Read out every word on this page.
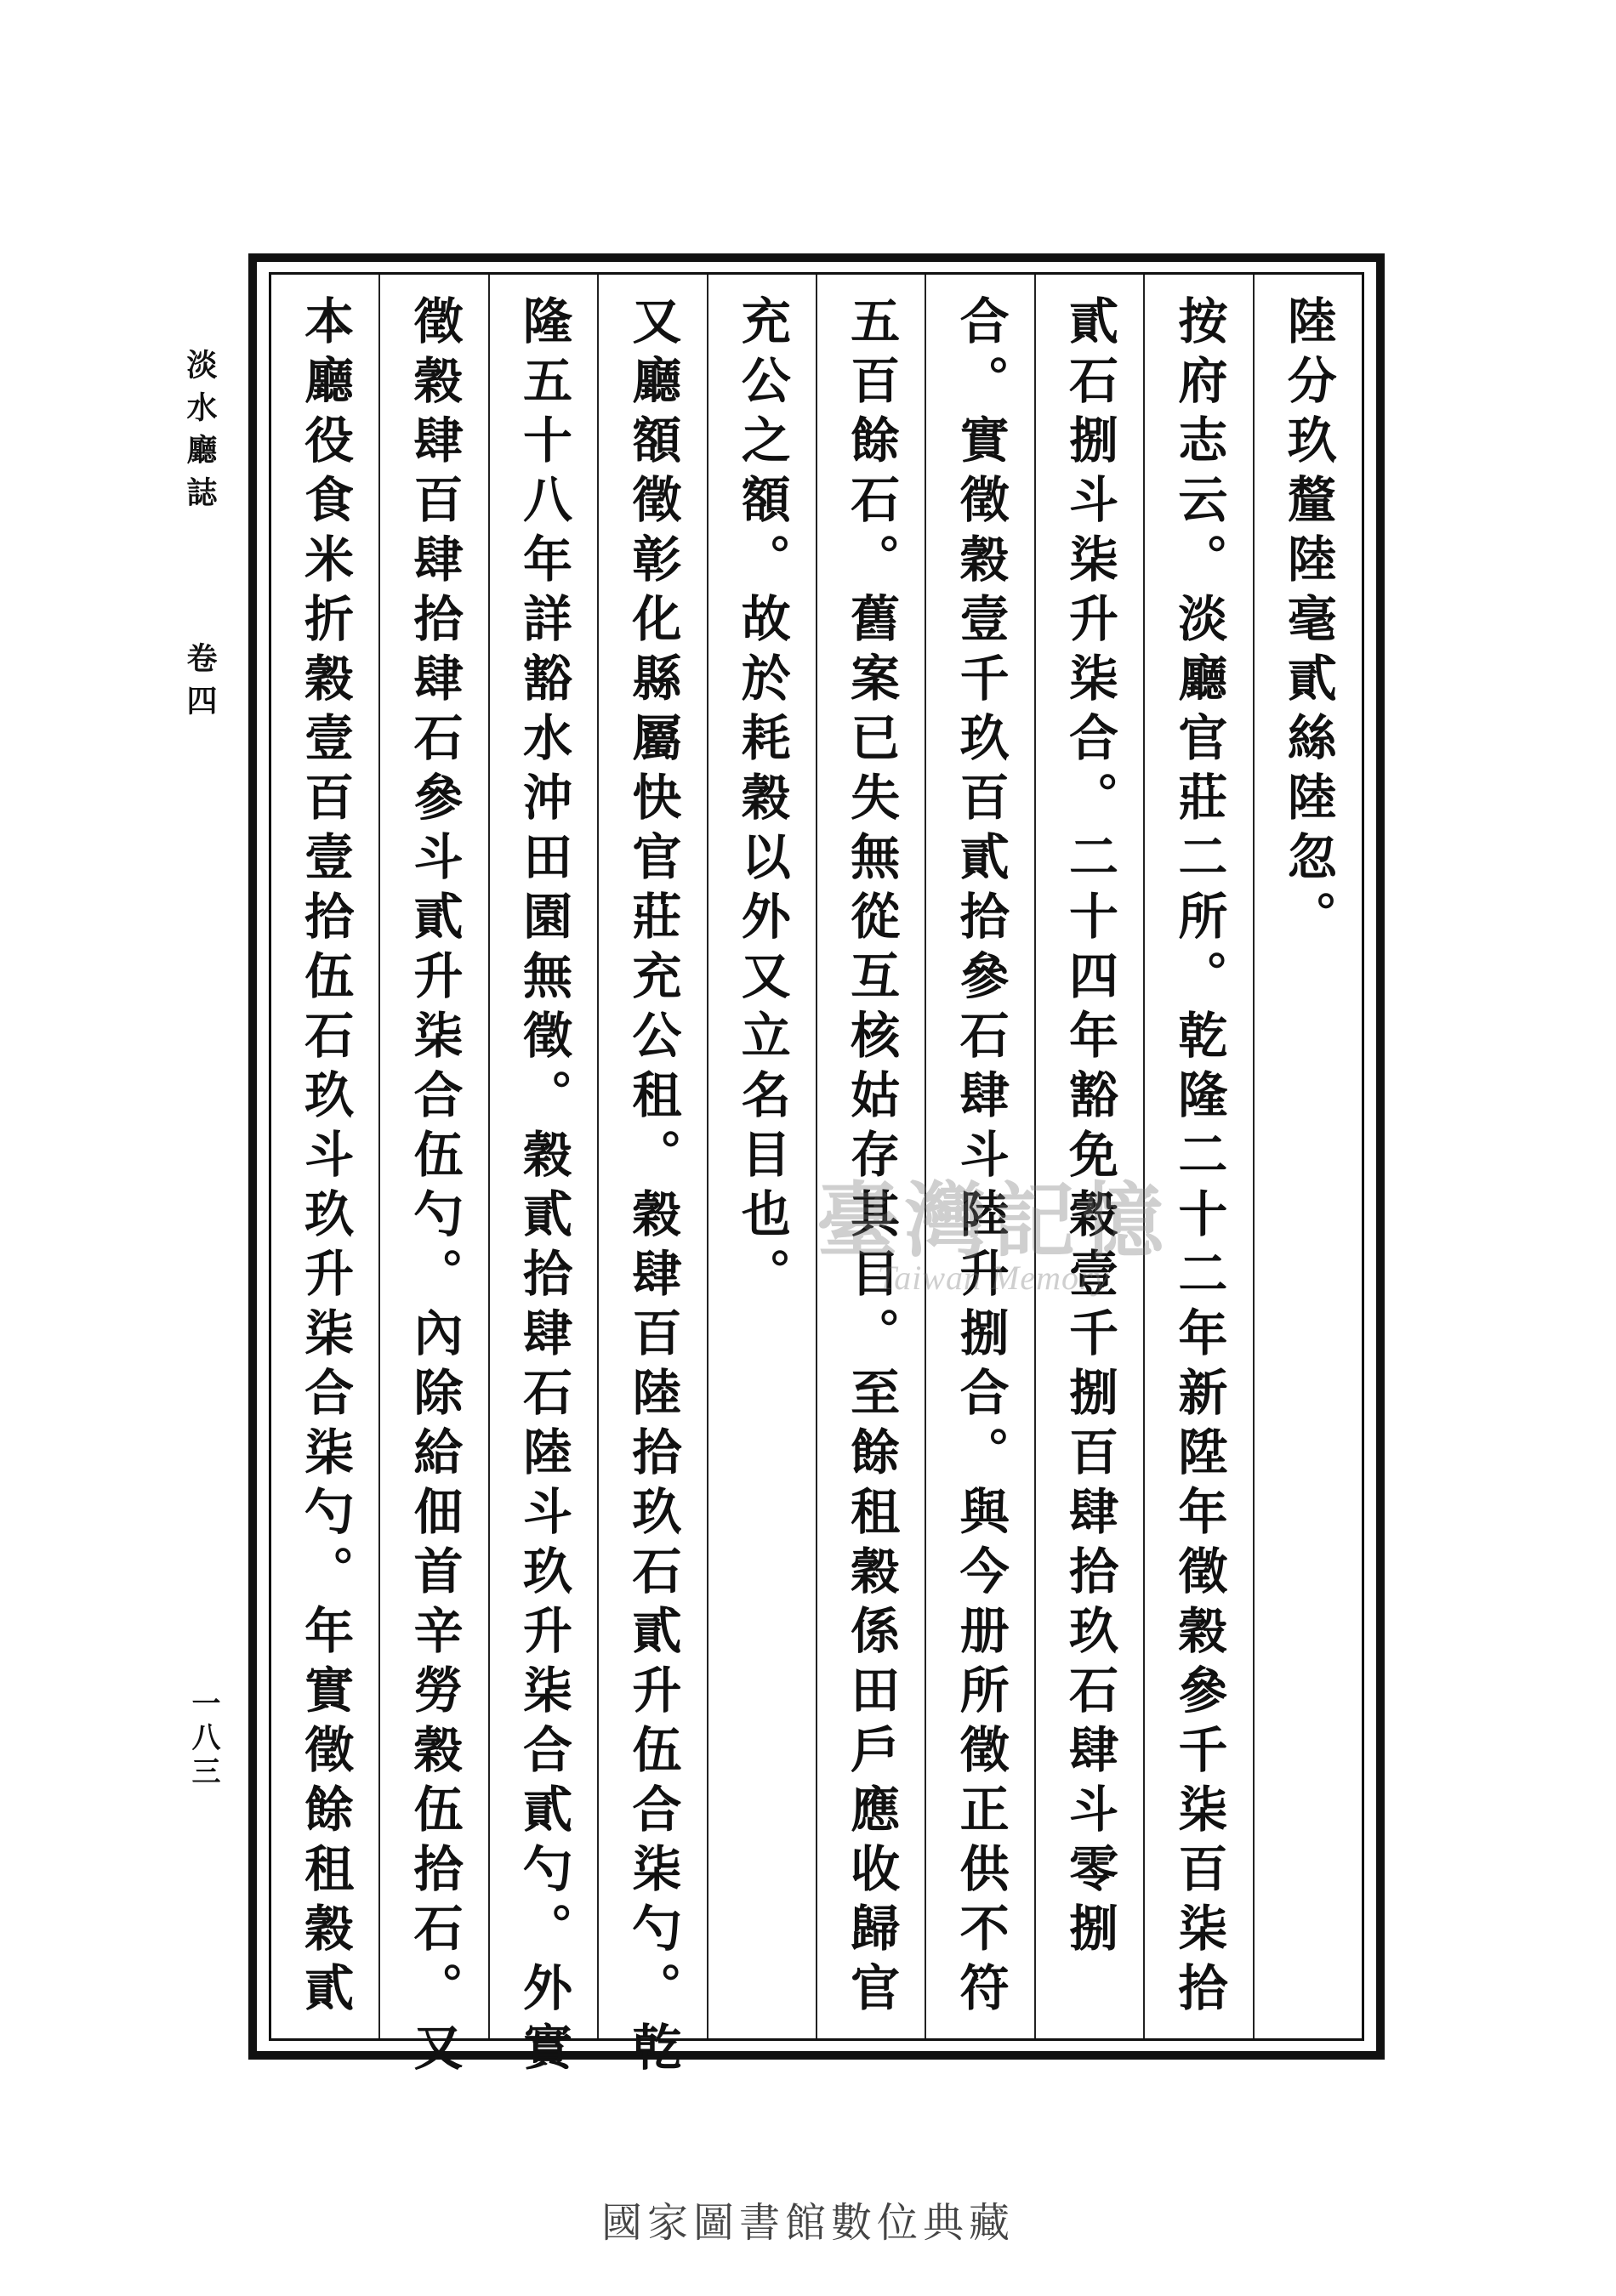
淡水廳誌
卷四
一八三
陸分玖釐陸毫貳絲陸忽。
按府志云。淡廳官莊二所。乾隆二十二年新陞年徵穀參千柒百柒拾
貳石捌斗柒升柒合。二十四年豁免穀壹千捌百肆拾玖石肆斗零捌
合。實徵穀壹千玖百貳拾參石肆斗陸升捌合。與今册所徵正供不符
五百餘石。舊案已失無從互核姑存其目。至餘租穀係田戶應收歸官
充公之額。故於耗穀以外又立名目也。
又廳額徵彰化縣屬快官莊充公租。穀肆百陸拾玖石貳升伍合柒勺。乾
隆五十八年詳豁水沖田園無徵。穀貳拾肆石陸斗玖升柒合貳勺。外實
徵穀肆百肆拾肆石參斗貳升柒合伍勺。內除給佃首辛勞穀伍拾石。又
本廳役食米折穀壹百壹拾伍石玖斗玖升柒合柒勺。年實徵餘租穀貳	臺灣記憶
Taiwan Memory
國家圖書館數位典藏
